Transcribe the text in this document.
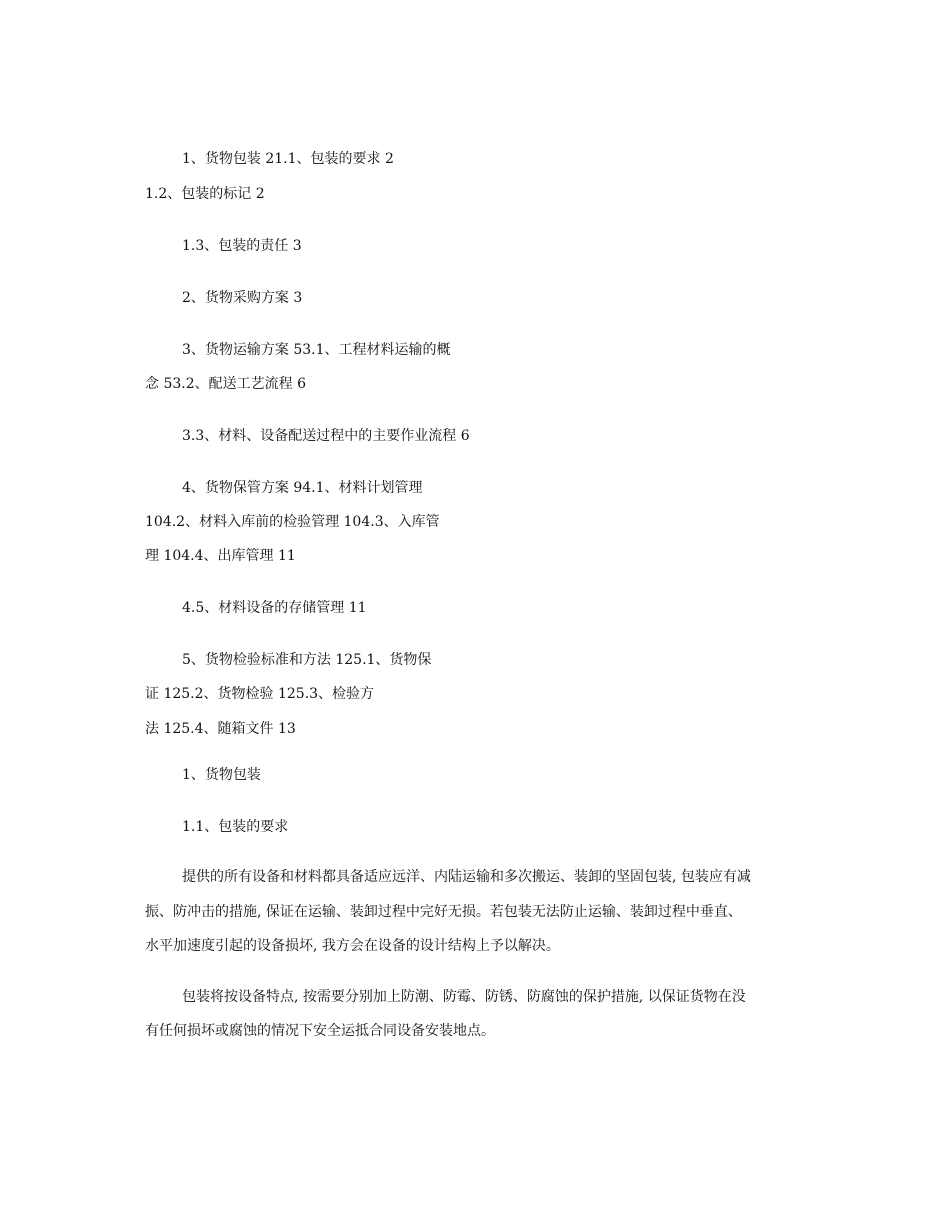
1、货物包装 21.1、包装的要求 2
1.2、包装的标记 2
1.3、包装的责任 3
2、货物采购方案 3
3、货物运输方案 53.1、工程材料运输的概
念 53.2、配送工艺流程 6
3.3、材料、设备配送过程中的主要作业流程 6
4、货物保管方案 94.1、材料计划管理
104.2、材料入库前的检验管理 104.3、入库管
理 104.4、出库管理 11
4.5、材料设备的存储管理 11
5、货物检验标准和方法 125.1、货物保
证 125.2、货物检验 125.3、检验方
法 125.4、随箱文件 13
1、货物包装
1.1、包装的要求
提供的所有设备和材料都具备适应远洋、内陆运输和多次搬运、装卸的坚固包装, 包装应有减
振、防冲击的措施, 保证在运输、装卸过程中完好无损。若包装无法防止运输、装卸过程中垂直、
水平加速度引起的设备损坏, 我方会在设备的设计结构上予以解决。
包装将按设备特点, 按需要分别加上防潮、防霉、防锈、防腐蚀的保护措施, 以保证货物在没
有任何损坏或腐蚀的情况下安全运抵合同设备安装地点。
